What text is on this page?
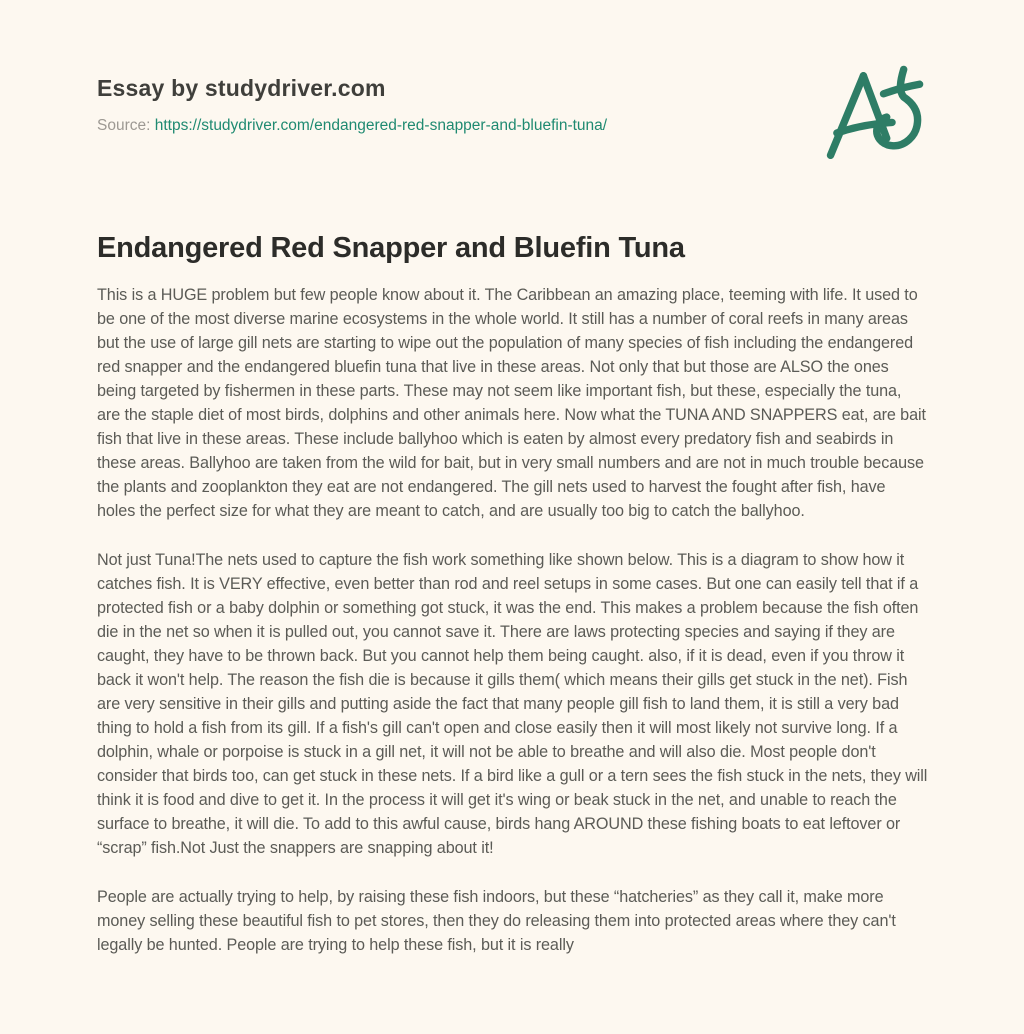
Essay by studydriver.com

Source: https://studydriver.com/endangered-red-snapper-and-bluefin-tuna/

Endangered Red Snapper and Bluefin Tuna

This is a HUGE problem but few people know about it. The Caribbean an amazing place, teeming with life. It used to be one of the most diverse marine ecosystems in the whole world. It still has a number of coral reefs in many areas but the use of large gill nets are starting to wipe out the population of many species of fish including the endangered red snapper and the endangered bluefin tuna that live in these areas. Not only that but those are ALSO the ones being targeted by fishermen in these parts. These may not seem like important fish, but these, especially the tuna, are the staple diet of most birds, dolphins and other animals here. Now what the TUNA AND SNAPPERS eat, are bait fish that live in these areas. These include ballyhoo which is eaten by almost every predatory fish and seabirds in these areas. Ballyhoo are taken from the wild for bait, but in very small numbers and are not in much trouble because the plants and zooplankton they eat are not endangered. The gill nets used to harvest the fought after fish, have holes the perfect size for what they are meant to catch, and are usually too big to catch the ballyhoo.

Not just Tuna!The nets used to capture the fish work something like shown below. This is a diagram to show how it catches fish. It is VERY effective, even better than rod and reel setups in some cases. But one can easily tell that if a protected fish or a baby dolphin or something got stuck, it was the end. This makes a problem because the fish often die in the net so when it is pulled out, you cannot save it. There are laws protecting species and saying if they are caught, they have to be thrown back. But you cannot help them being caught. also, if it is dead, even if you throw it back it won't help. The reason the fish die is because it gills them( which means their gills get stuck in the net). Fish are very sensitive in their gills and putting aside the fact that many people gill fish to land them, it is still a very bad thing to hold a fish from its gill. If a fish's gill can't open and close easily then it will most likely not survive long. If a dolphin, whale or porpoise is stuck in a gill net, it will not be able to breathe and will also die. Most people don't consider that birds too, can get stuck in these nets. If a bird like a gull or a tern sees the fish stuck in the nets, they will think it is food and dive to get it. In the process it will get it's wing or beak stuck in the net, and unable to reach the surface to breathe, it will die. To add to this awful cause, birds hang AROUND these fishing boats to eat leftover or “scrap” fish.Not Just the snappers are snapping about it!

People are actually trying to help, by raising these fish indoors, but these “hatcheries” as they call it, make more money selling these beautiful fish to pet stores, then they do releasing them into protected areas where they can't legally be hunted. People are trying to help these fish, but it is really
